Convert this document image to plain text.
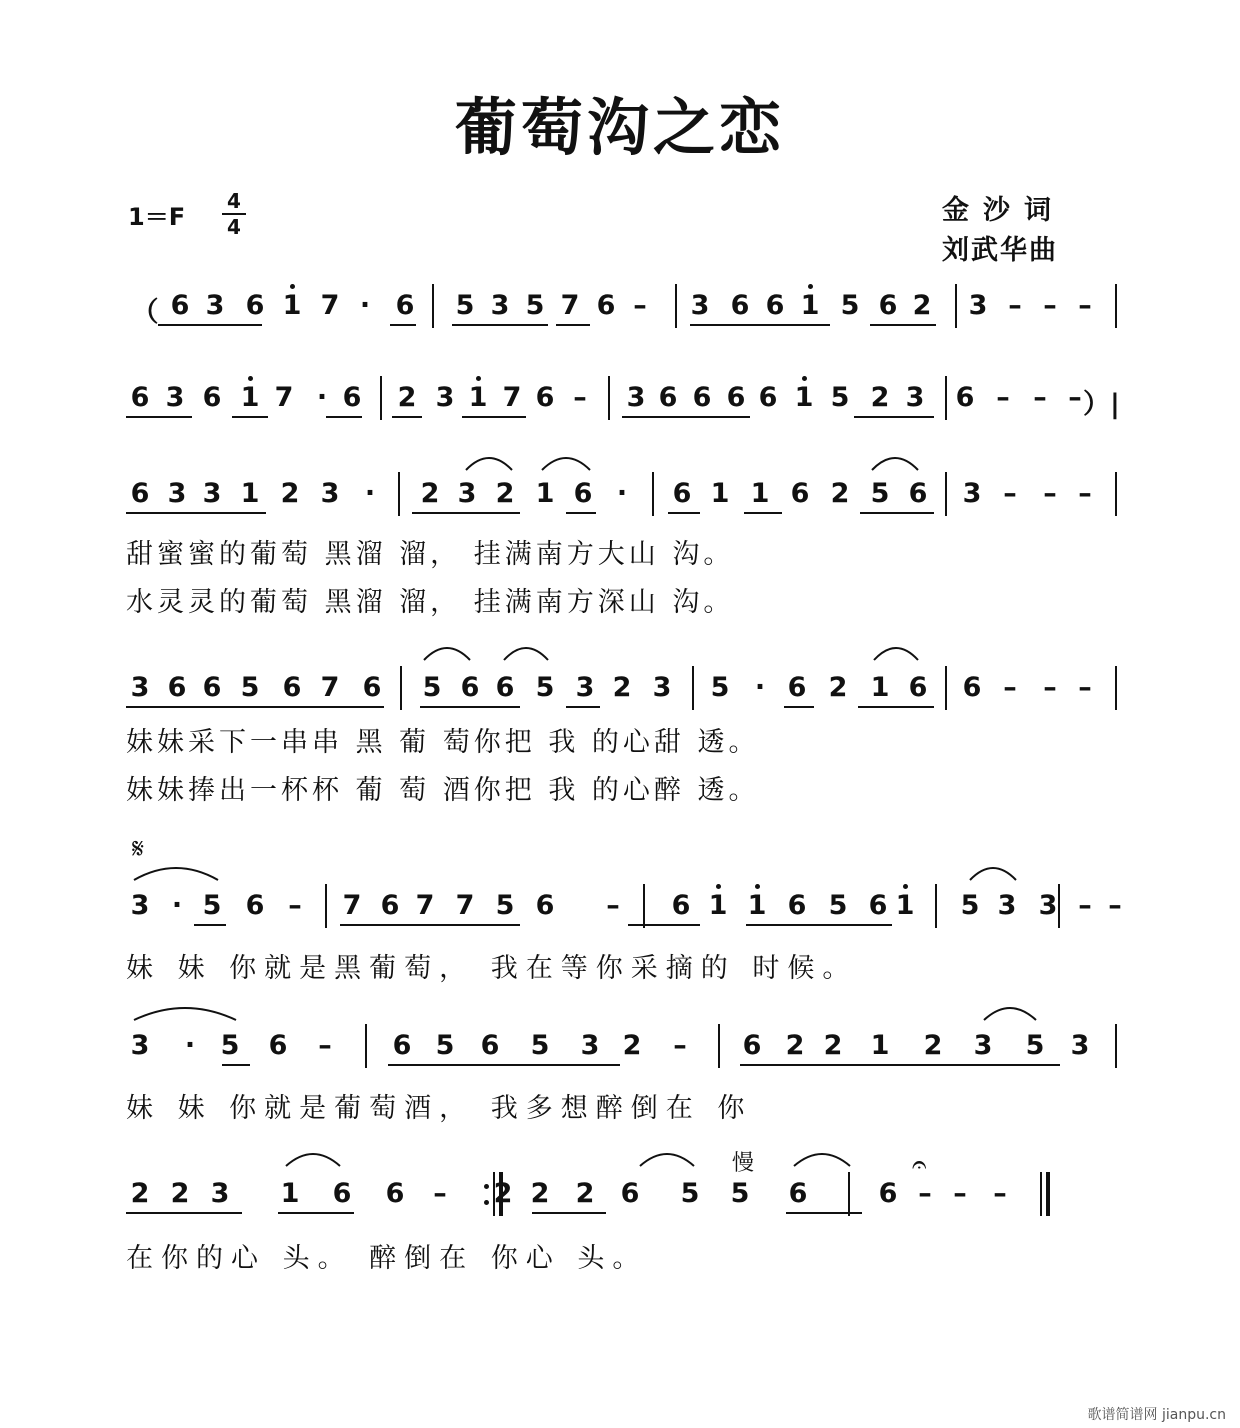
葡萄沟之恋
1＝F
4
4
金沙词
刘武华曲
（ 6 3 6 1 7 · 6 5 3 5 7 6 –	3 6 6 1 5 6 2 3 – – –
6 3 6 1 7 · 6 2 3 1 7 6 –	3 6 6 6 6 1 5 2 3 6 – – – ）|
6 3 3 1 2 3 ·	2 3 2 1 6 ·	6 1 1 6 2 5 6 3 – – –
甜蜜蜜的葡萄 黑溜 溜， 挂满南方大山 沟。
水灵灵的葡萄 黑溜 溜， 挂满南方深山 沟。
3 6 6 5 6 7 6 5 6 6 5 3 2 3 5 · 6 2 1 6 6 – – –
妹妹采下一串串 黑 葡 萄你把 我 的心甜 透。
妹妹捧出一杯杯 葡 萄 酒你把 我 的心醉 透。
3 · 5 6 –	7 6 7 7 5 6	–	6 1 1 6 5 6 1 5 3 3 – –
妹 妹 你就是黑葡萄， 我在等你采摘的 时候。
3	· 5 6	–	6 5 6 5 3 2	–	6 2 2 1 2 3 5 3
妹 妹 你就是葡萄酒， 我多想醉倒在 你
2 2 3 1 6 6	–	2 2 2 6 5 5 6	6 – – –
在你的心 头。 醉倒在 你心 头。
𝄋
慢	𝄐
歌谱简谱网 jianpu.cn
